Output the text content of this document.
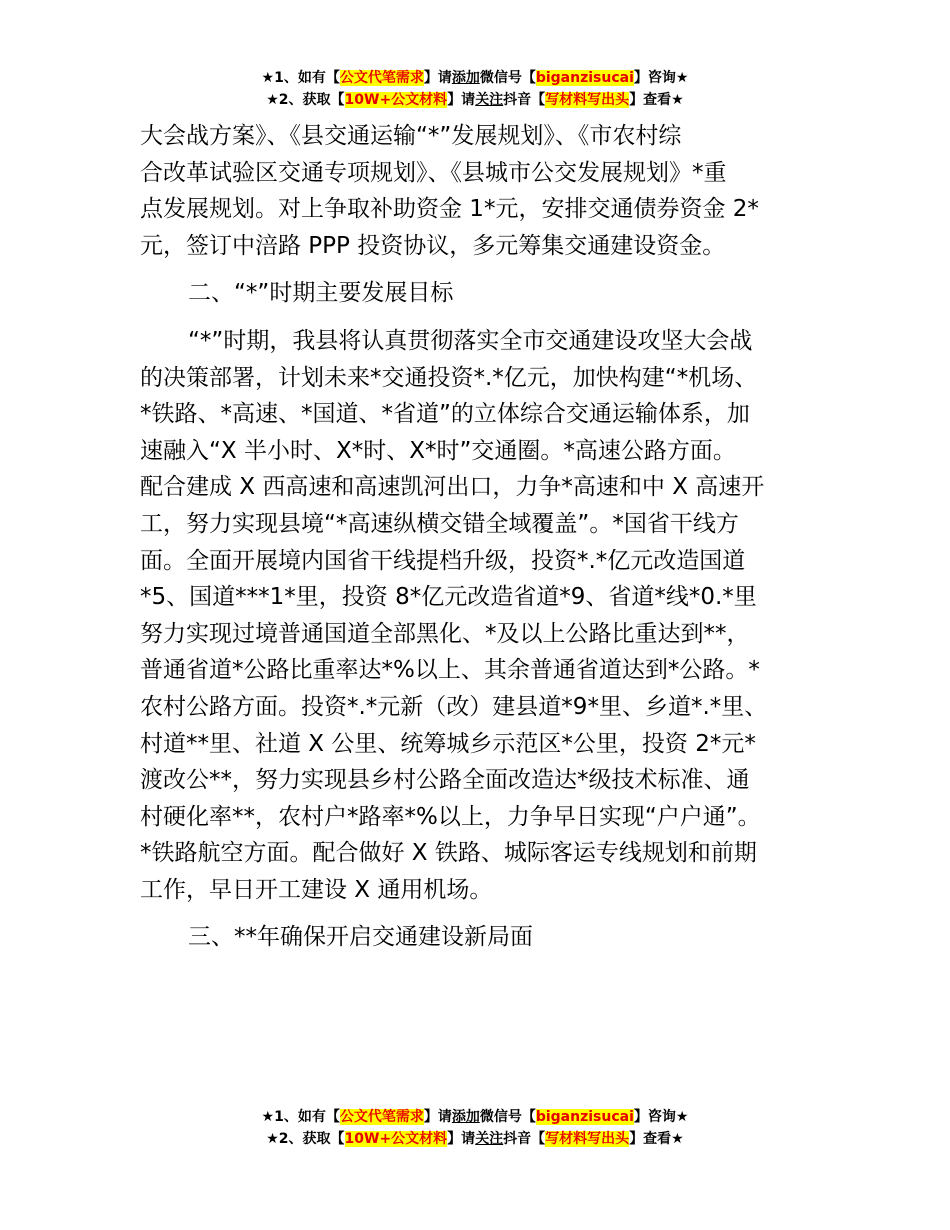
★1、如有【公文代笔需求】请添加微信号【biganzisucai】咨询★
★2、获取【10W+公文材料】请关注抖音【写材料写出头】查看★
大会战方案》、《县交通运输“*”发展规划》、《市农村综
合改革试验区交通专项规划》、《县城市公交发展规划》*重
点发展规划。对上争取补助资金 1*元，安排交通债券资金 2*
元，签订中涪路 PPP 投资协议，多元筹集交通建设资金。
二、“*”时期主要发展目标
“*”时期，我县将认真贯彻落实全市交通建设攻坚大会战
的决策部署，计划未来*交通投资*.*亿元，加快构建“*机场、
*铁路、*高速、*国道、*省道”的立体综合交通运输体系，加
速融入“X 半小时、X*时、X*时”交通圈。*高速公路方面。
配合建成 X 西高速和高速凯河出口，力争*高速和中 X 高速开
工，努力实现县境“*高速纵横交错全域覆盖”。*国省干线方
面。全面开展境内国省干线提档升级，投资*.*亿元改造国道
*5、国道***1*里，投资 8*亿元改造省道*9、省道*线*0.*里
努力实现过境普通国道全部黑化、*及以上公路比重达到**，
普通省道*公路比重率达*%以上、其余普通省道达到*公路。*
农村公路方面。投资*.*元新（改）建县道*9*里、乡道*.*里、
村道**里、社道 X 公里、统筹城乡示范区*公里，投资 2*元*
渡改公**，努力实现县乡村公路全面改造达*级技术标准、通
村硬化率**，农村户*路率*%以上，力争早日实现“户户通”。
*铁路航空方面。配合做好 X 铁路、城际客运专线规划和前期
工作，早日开工建设 X 通用机场。
三、**年确保开启交通建设新局面
★1、如有【公文代笔需求】请添加微信号【biganzisucai】咨询★
★2、获取【10W+公文材料】请关注抖音【写材料写出头】查看★
